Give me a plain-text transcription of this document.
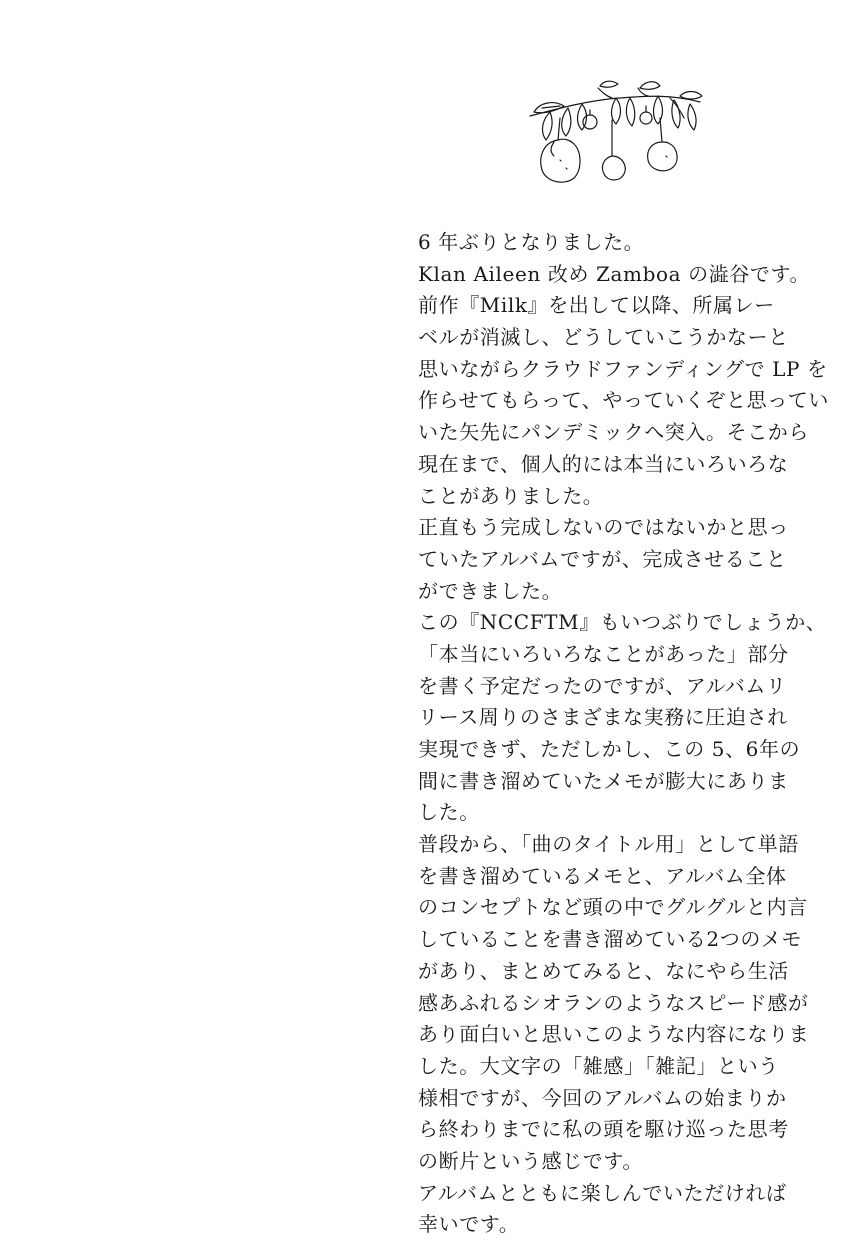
6 年ぶりとなりました。
Klan Aileen 改め Zamboa の澁谷です。
前作『Milk』を出して以降、所属レー
ベルが消滅し、どうしていこうかなーと
思いながらクラウドファンディングで LP を
作らせてもらって、やっていくぞと思ってい
いた矢先にパンデミックへ突入。そこから
現在まで、個人的には本当にいろいろな
ことがありました。
正直もう完成しないのではないかと思っ
ていたアルバムですが、完成させること
ができました。
この『NCCFTM』もいつぶりでしょうか、
「本当にいろいろなことがあった」部分
を書く予定だったのですが、アルバムリ
リース周りのさまざまな実務に圧迫され
実現できず、ただしかし、この 5、6年の
間に書き溜めていたメモが膨大にありま
した。
普段から、「曲のタイトル用」として単語
を書き溜めているメモと、アルバム全体
のコンセプトなど頭の中でグルグルと内言
していることを書き溜めている2つのメモ
があり、まとめてみると、なにやら生活
感あふれるシオランのようなスピード感が
あり面白いと思いこのような内容になりま
した。大文字の「雑感」「雑記」という
様相ですが、今回のアルバムの始まりか
ら終わりまでに私の頭を駆け巡った思考
の断片という感じです。
アルバムとともに楽しんでいただければ
幸いです。
